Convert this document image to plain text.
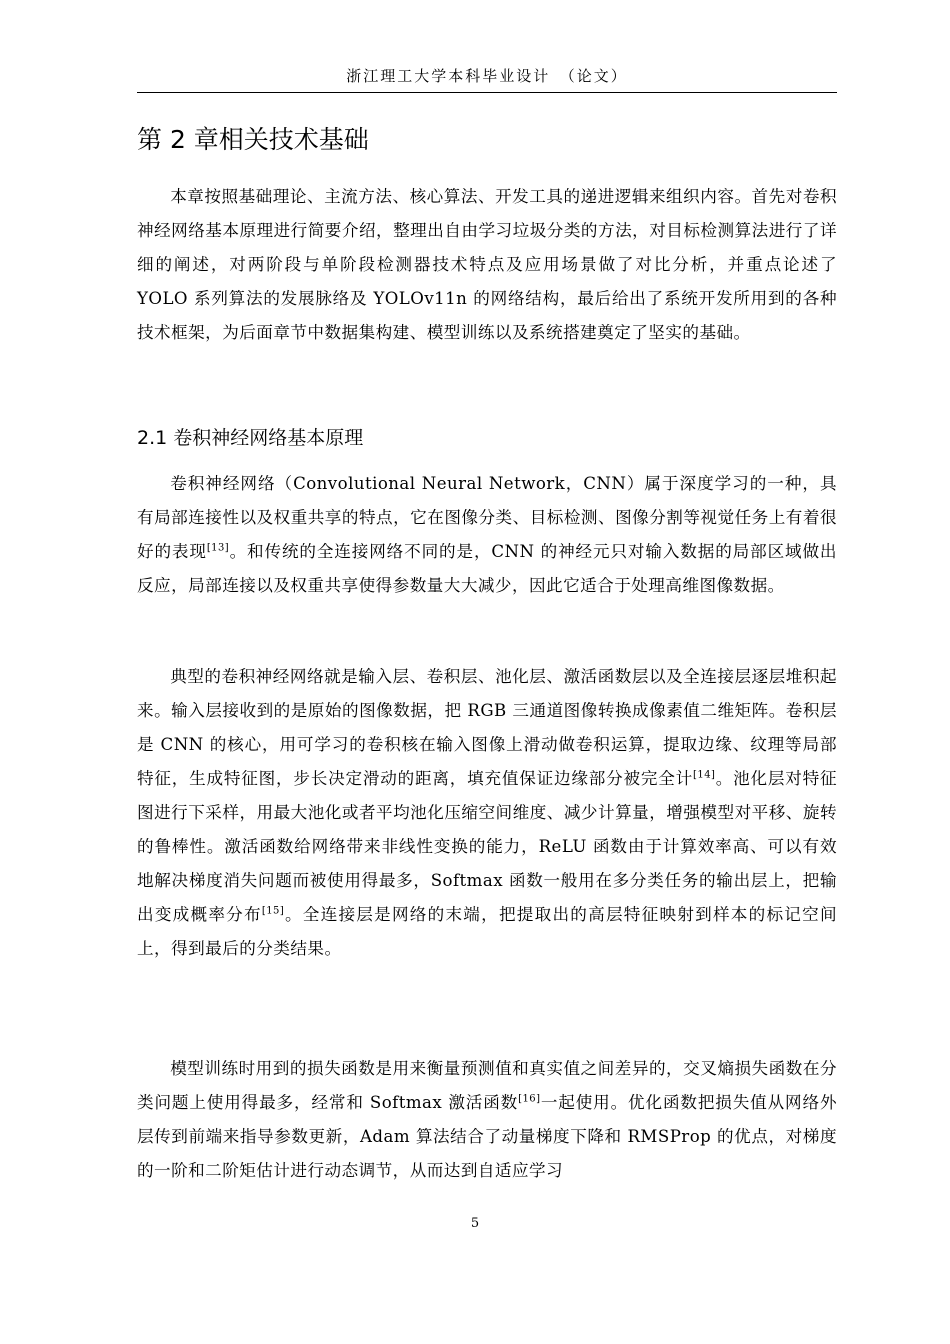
浙江理工大学本科毕业设计　（论文）
第 2 章相关技术基础

本章按照基础理论、主流方法、核心算法、开发工具的递进逻辑来组织内容。首先对卷积神经网络基本原理进行简要介绍，整理出自由学习垃圾分类的方法，对目标检测算法进行了详细的阐述，对两阶段与单阶段检测器技术特点及应用场景做了对比分析，并重点论述了 YOLO 系列算法的发展脉络及 YOLOv11n 的网络结构，最后给出了系统开发所用到的各种技术框架，为后面章节中数据集构建、模型训练以及系统搭建奠定了坚实的基础。

2.1 卷积神经网络基本原理

卷积神经网络（Convolutional Neural Network，CNN）属于深度学习的一种，具有局部连接性以及权重共享的特点，它在图像分类、目标检测、图像分割等视觉任务上有着很好的表现[13]。和传统的全连接网络不同的是，CNN 的神经元只对输入数据的局部区域做出反应，局部连接以及权重共享使得参数量大大减少，因此它适合于处理高维图像数据。

典型的卷积神经网络就是输入层、卷积层、池化层、激活函数层以及全连接层逐层堆积起来。输入层接收到的是原始的图像数据，把 RGB 三通道图像转换成像素值二维矩阵。卷积层是 CNN 的核心，用可学习的卷积核在输入图像上滑动做卷积运算，提取边缘、纹理等局部特征，生成特征图，步长决定滑动的距离，填充值保证边缘部分被完全计[14]。池化层对特征图进行下采样，用最大池化或者平均池化压缩空间维度、减少计算量，增强模型对平移、旋转的鲁棒性。激活函数给网络带来非线性变换的能力，ReLU 函数由于计算效率高、可以有效地解决梯度消失问题而被使用得最多，Softmax 函数一般用在多分类任务的输出层上，把输出变成概率分布[15]。全连接层是网络的末端，把提取出的高层特征映射到样本的标记空间上，得到最后的分类结果。

模型训练时用到的损失函数是用来衡量预测值和真实值之间差异的，交叉熵损失函数在分类问题上使用得最多，经常和 Softmax 激活函数[16]一起使用。优化函数把损失值从网络外层传到前端来指导参数更新，Adam 算法结合了动量梯度下降和 RMSProp 的优点，对梯度的一阶和二阶矩估计进行动态调节，从而达到自适应学习

5
